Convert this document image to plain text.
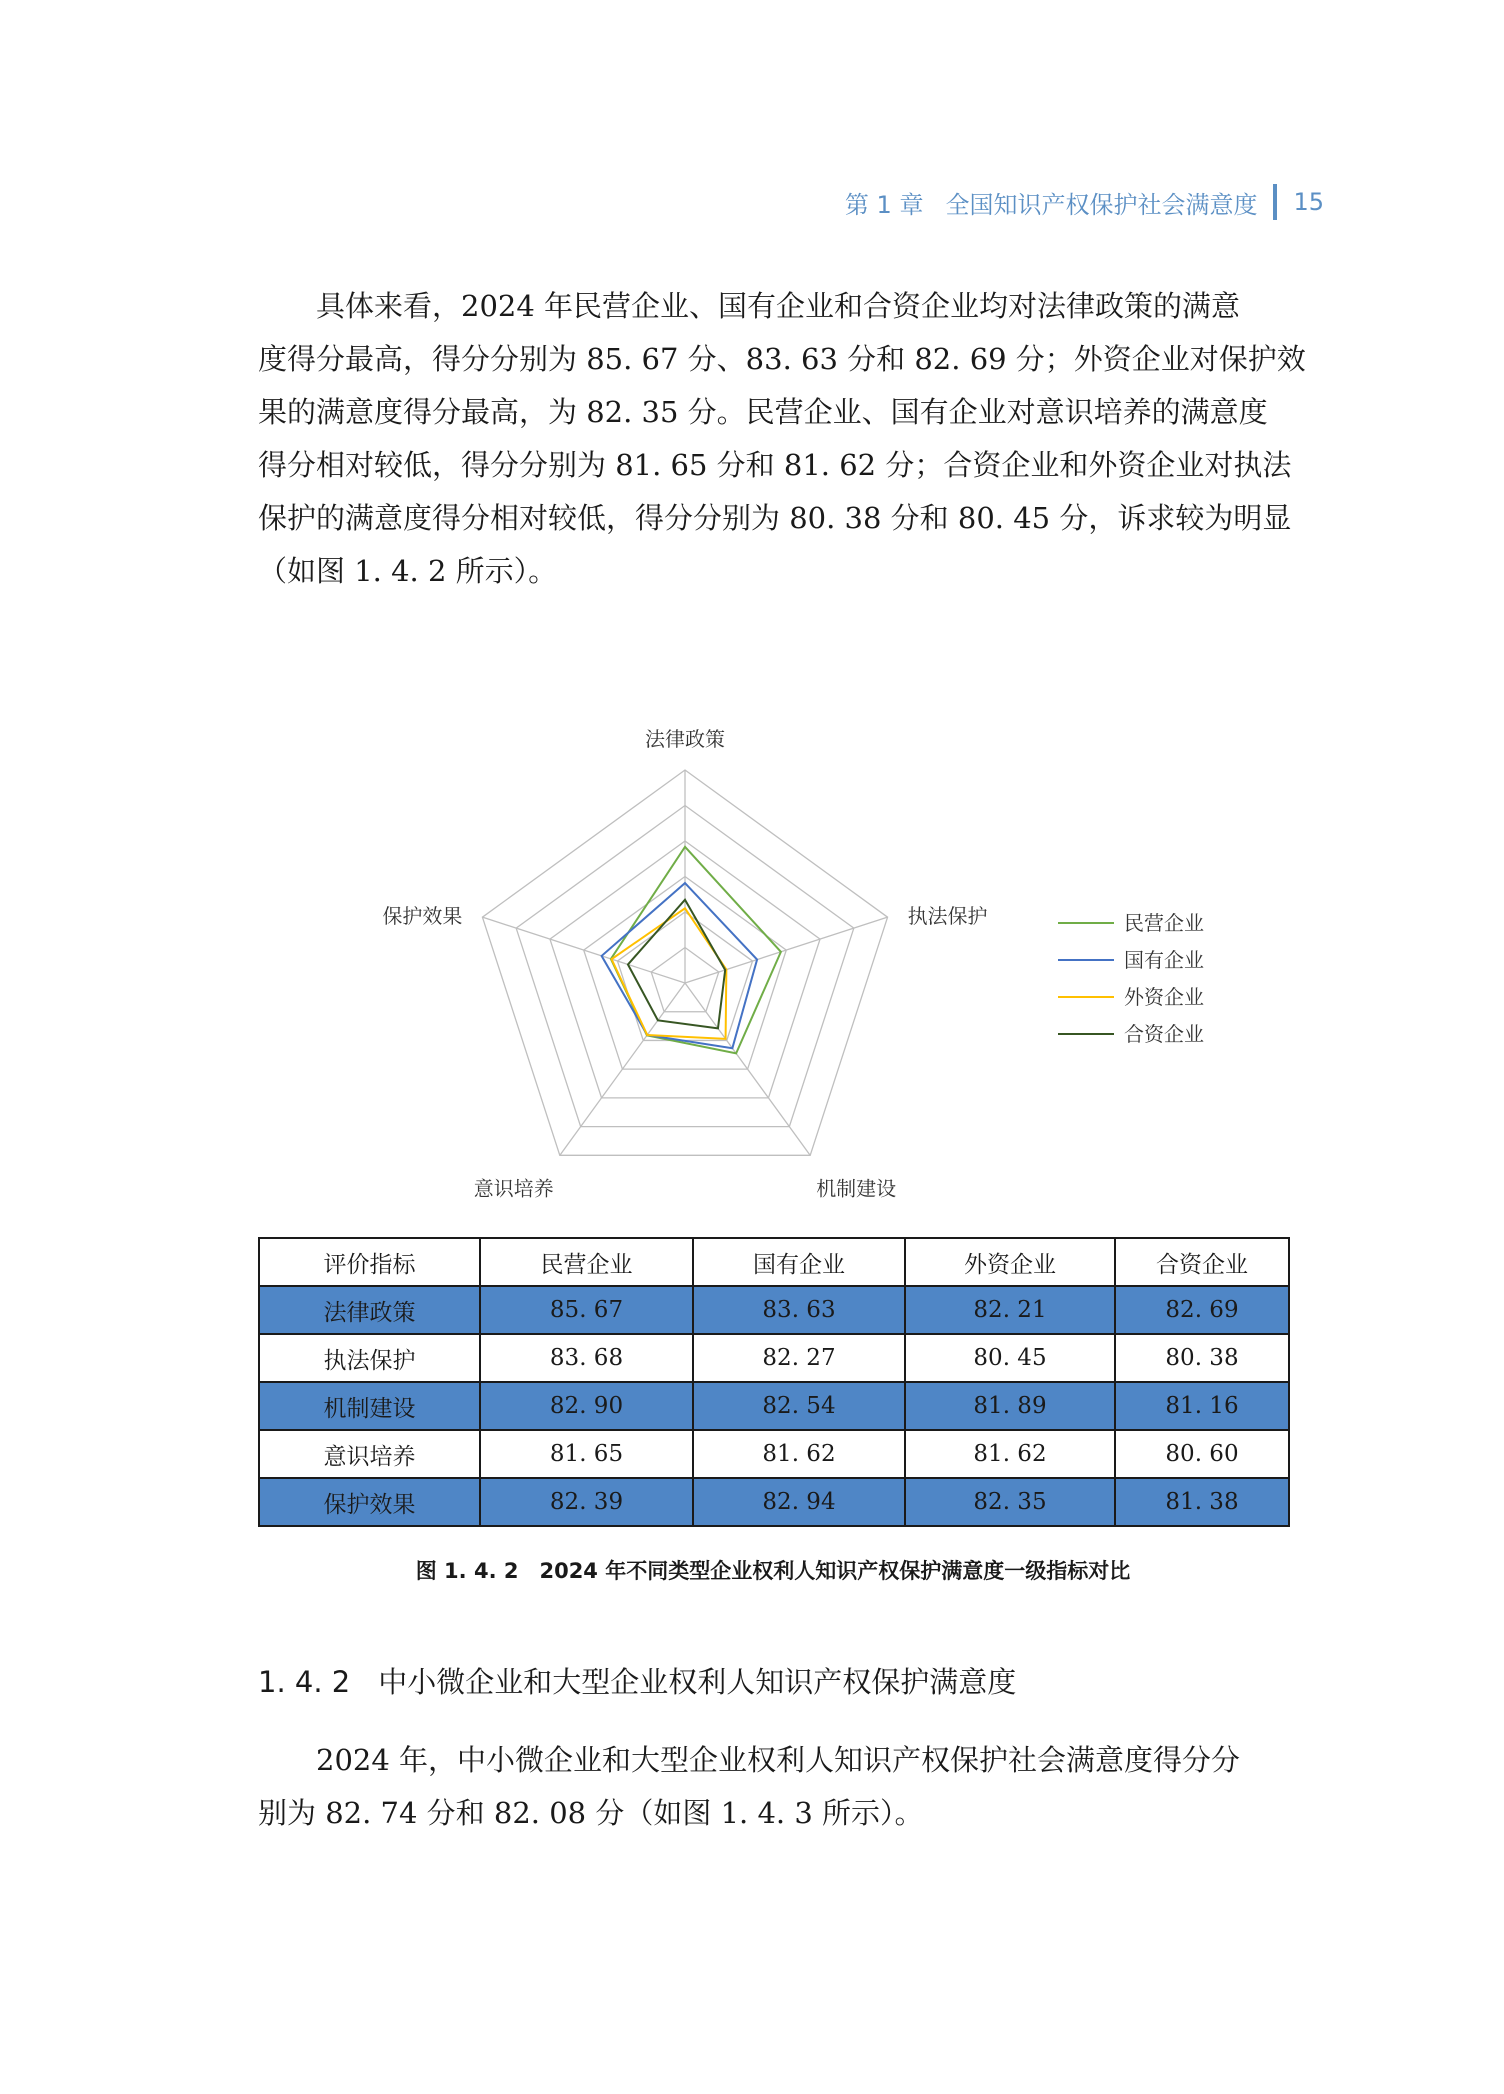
第 1 章 全国知识产权保护社会满意度 15

具体来看，2024 年民营企业、国有企业和合资企业均对法律政策的满意
度得分最高，得分分别为 85. 67 分、83. 63 分和 82. 69 分；外资企业对保护效
果的满意度得分最高，为 82. 35 分。民营企业、国有企业对意识培养的满意度
得分相对较低，得分分别为 81. 65 分和 81. 62 分；合资企业和外资企业对执法
保护的满意度得分相对较低，得分分别为 80. 38 分和 80. 45 分，诉求较为明显
（如图 1. 4. 2 所示）。

法律政策
执法保护
机制建设
意识培养
保护效果	民营企业
国有企业
外资企业
合资企业
评价指标	民营企业	国有企业	外资企业	合资企业
法律政策	85. 67	83. 63	82. 21	82. 69
执法保护	83. 68	82. 27	80. 45	80. 38
机制建设	82. 90	82. 54	81. 89	81. 16
意识培养	81. 65	81. 62	81. 62	80. 60
保护效果	82. 39	82. 94	82. 35	81. 38

图 1. 4. 2　2024 年不同类型企业权利人知识产权保护满意度一级指标对比

1. 4. 2 中小微企业和大型企业权利人知识产权保护满意度

2024 年，中小微企业和大型企业权利人知识产权保护社会满意度得分分
别为 82. 74 分和 82. 08 分（如图 1. 4. 3 所示）。
